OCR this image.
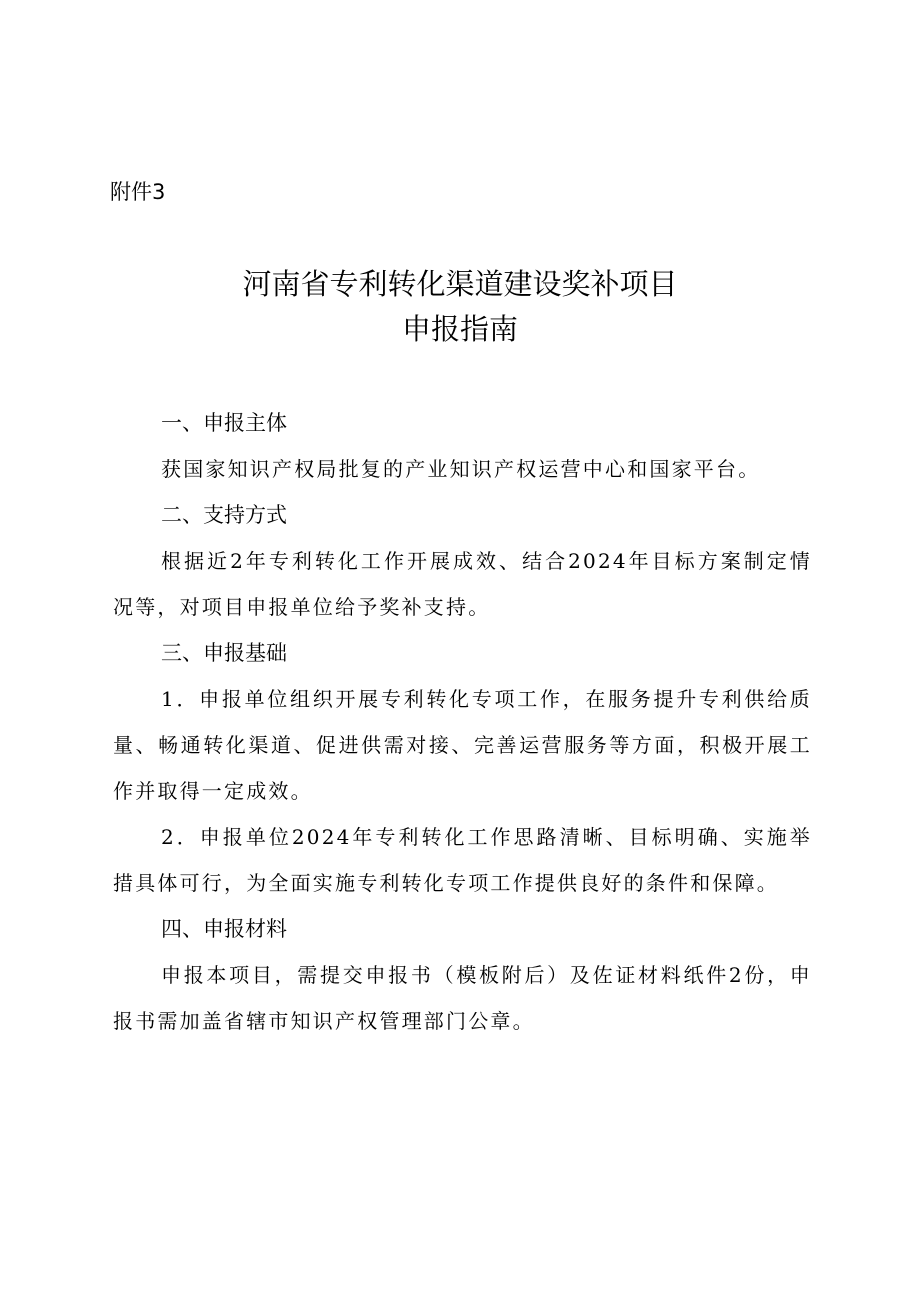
附件3
河南省专利转化渠道建设奖补项目
申报指南
一、申报主体

获国家知识产权局批复的产业知识产权运营中心和国家平台。

二、支持方式

根据近2年专利转化工作开展成效、结合2024年目标方案制定情况等，对项目申报单位给予奖补支持。

三、申报基础

1．申报单位组织开展专利转化专项工作，在服务提升专利供给质量、畅通转化渠道、促进供需对接、完善运营服务等方面，积极开展工作并取得一定成效。

2．申报单位2024年专利转化工作思路清晰、目标明确、实施举措具体可行，为全面实施专利转化专项工作提供良好的条件和保障。

四、申报材料

申报本项目，需提交申报书（模板附后）及佐证材料纸件2份，申报书需加盖省辖市知识产权管理部门公章。
